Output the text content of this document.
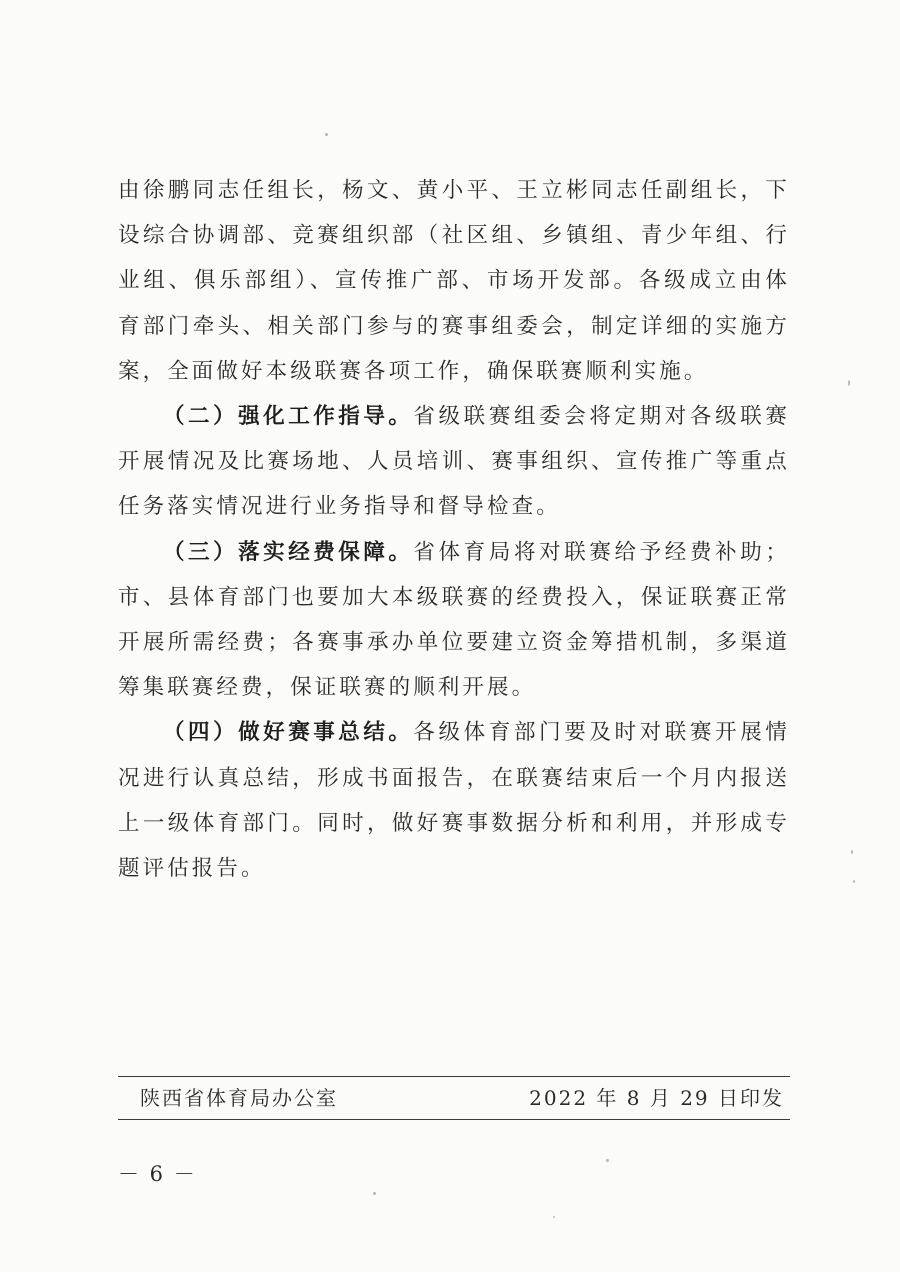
由徐鹏同志任组长，杨文、黄小平、王立彬同志任副组长，下设综合协调部、竞赛组织部（社区组、乡镇组、青少年组、行业组、俱乐部组）、宣传推广部、市场开发部。各级成立由体育部门牵头、相关部门参与的赛事组委会，制定详细的实施方案，全面做好本级联赛各项工作，确保联赛顺利实施。

（二）强化工作指导。省级联赛组委会将定期对各级联赛开展情况及比赛场地、人员培训、赛事组织、宣传推广等重点任务落实情况进行业务指导和督导检查。

（三）落实经费保障。省体育局将对联赛给予经费补助；市、县体育部门也要加大本级联赛的经费投入，保证联赛正常开展所需经费；各赛事承办单位要建立资金筹措机制，多渠道筹集联赛经费，保证联赛的顺利开展。

（四）做好赛事总结。各级体育部门要及时对联赛开展情况进行认真总结，形成书面报告，在联赛结束后一个月内报送上一级体育部门。同时，做好赛事数据分析和利用，并形成专题评估报告。

陕西省体育局办公室	2022 年 8 月 29 日印发
－ 6 －
